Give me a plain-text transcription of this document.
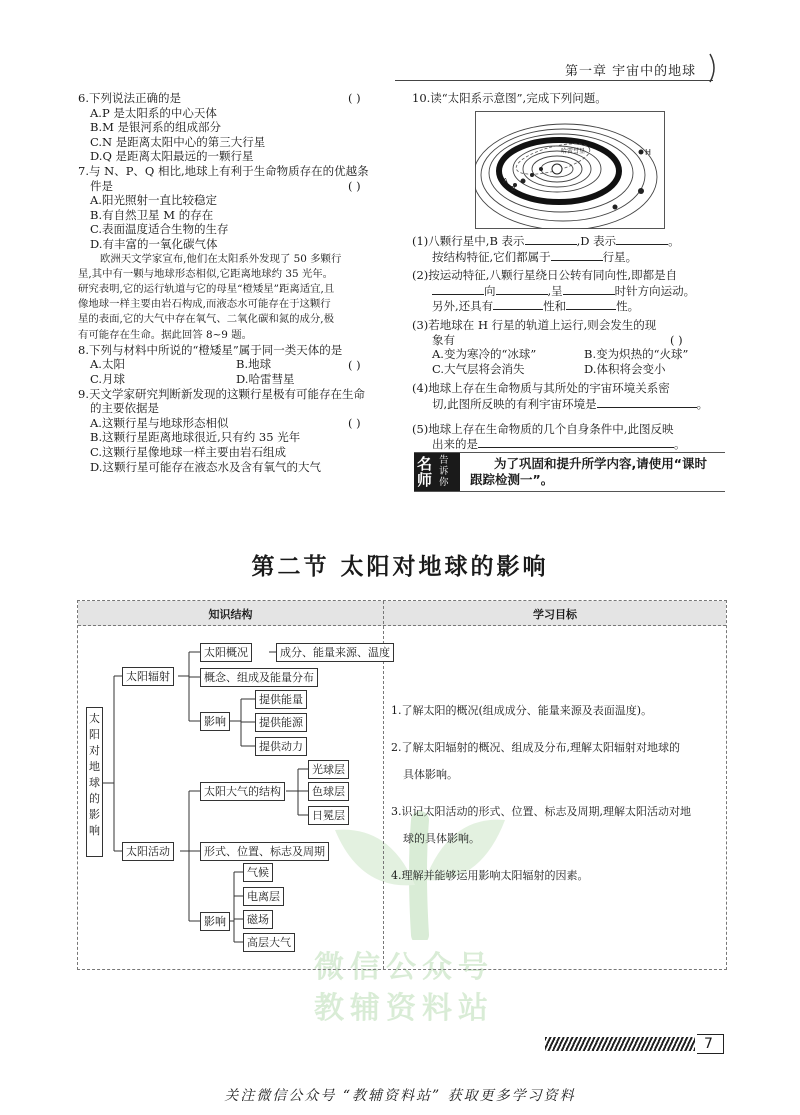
第一章 宇宙中的地球
6.下列说法正确的是	( )
A.P 是太阳系的中心天体
B.M 是银河系的组成部分
C.N 是距离太阳中心的第三大行星
D.Q 是距离太阳最远的一颗行星
7.与 N、P、Q 相比,地球上有利于生命物质存在的优越条
件是	( )
A.阳光照射一直比较稳定
B.有自然卫星 M 的存在
C.表面温度适合生物的生存
D.有丰富的一氧化碳气体
欧洲天文学家宣布,他们在太阳系外发现了 50 多颗行
星,其中有一颗与地球形态相似,它距离地球约 35 光年。
研究表明,它的运行轨道与它的母星“橙矮星”距离适宜,且
像地球一样主要由岩石构成,而液态水可能存在于这颗行
星的表面,它的大气中存在氧气、二氧化碳和氮的成分,极
有可能存在生命。据此回答 8~9 题。
8.下列与材料中所说的“橙矮星”属于同一类天体的是
( )
A.太阳	B.地球
C.月球	D.哈雷彗星
9.天文学家研究判断新发现的这颗行星极有可能存在生命
的主要依据是
( )
A.这颗行星与地球形态相似
B.这颗行星距离地球很近,只有约 35 光年
C.这颗行星像地球一样主要由岩石组成
D.这颗行星可能存在液态水及含有氧气的大气
10.读“太阳系示意图”,完成下列问题。
H
哈雷彗星
A
B
(1)八颗行星中,B 表示	,D 表示	。
按结构特征,它们都属于	行星。
(2)按运动特征,八颗行星绕日公转有同向性,即都是自
向	,呈	时针方向运动。
另外,还具有	性和	性。
(3)若地球在 H 行星的轨道上运行,则会发生的现
象有	( )
A.变为寒冷的“冰球”	B.变为炽热的“火球”
C.大气层将会消失	D.体积将会变小
(4)地球上存在生命物质与其所处的宇宙环境关系密
切,此图所反映的有利宇宙环境是	。
(5)地球上存在生命物质的几个自身条件中,此图反映
出来的是	。
名师
告诉你
为了巩固和提升所学内容,请使用“课时
跟踪检测一”。
第二节 太阳对地球的影响
微信公众号
教辅资料站
知识结构	学习目标
太阳对地球的影响
太阳辐射
太阳概况	成分、能量来源、温度
概念、组成及能量分布
影响
提供能量
提供能源
提供动力
太阳活动
太阳大气的结构
光球层
色球层
日冕层
形式、位置、标志及周期
影响
气候
电离层
磁场
高层大气
1.了解太阳的概况(组成成分、能量来源及表面温度)。
2.了解太阳辐射的概况、组成及分布,理解太阳辐射对地球的
具体影响。
3.识记太阳活动的形式、位置、标志及周期,理解太阳活动对地
球的具体影响。
4.理解并能够运用影响太阳辐射的因素。
7
关注微信公众号 “教辅资料站” 获取更多学习资料
